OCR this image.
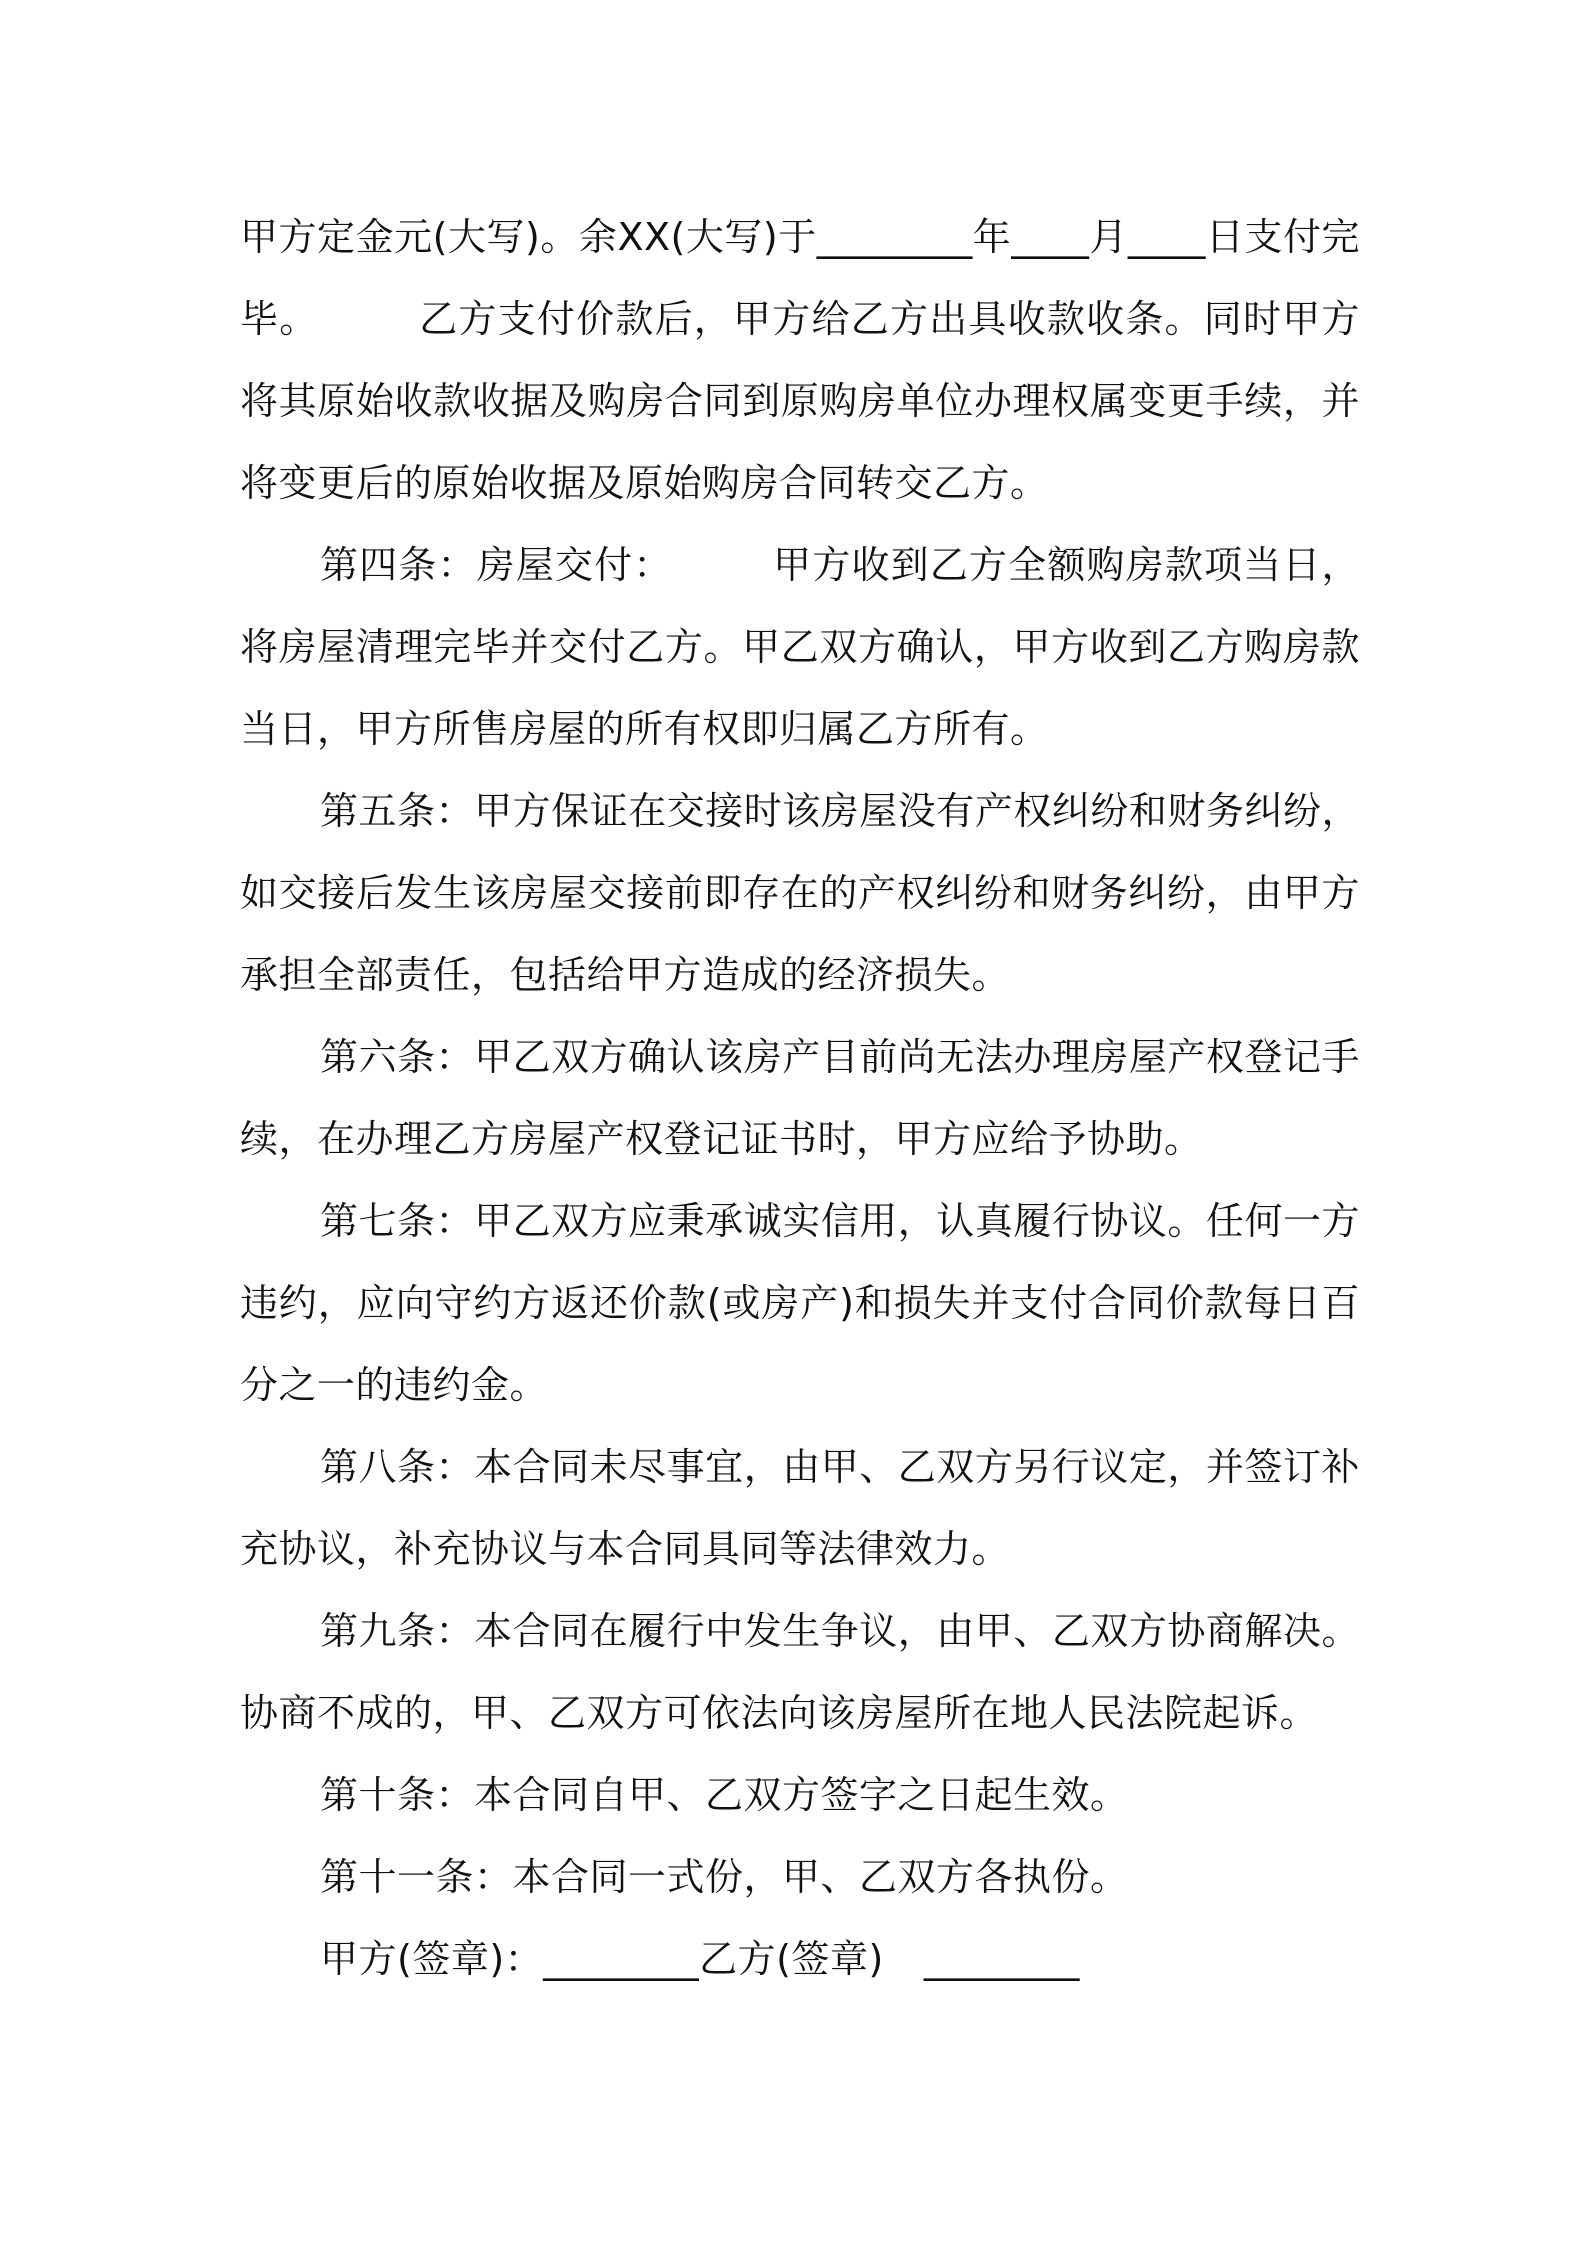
甲方定金元(大写)。余XX(大写)于________年____月____日支付完毕。	乙方支付价款后，甲方给乙方出具收款收条。同时甲方将其原始收款收据及购房合同到原购房单位办理权属变更手续，并将变更后的原始收据及原始购房合同转交乙方。

第四条：房屋交付：	甲方收到乙方全额购房款项当日，将房屋清理完毕并交付乙方。甲乙双方确认，甲方收到乙方购房款当日，甲方所售房屋的所有权即归属乙方所有。

第五条：甲方保证在交接时该房屋没有产权纠纷和财务纠纷，如交接后发生该房屋交接前即存在的产权纠纷和财务纠纷，由甲方承担全部责任，包括给甲方造成的经济损失。

第六条：甲乙双方确认该房产目前尚无法办理房屋产权登记手续，在办理乙方房屋产权登记证书时，甲方应给予协助。

第七条：甲乙双方应秉承诚实信用，认真履行协议。任何一方违约，应向守约方返还价款(或房产)和损失并支付合同价款每日百分之一的违约金。

第八条：本合同未尽事宜，由甲、乙双方另行议定，并签订补充协议，补充协议与本合同具同等法律效力。

第九条：本合同在履行中发生争议，由甲、乙双方协商解决。协商不成的，甲、乙双方可依法向该房屋所在地人民法院起诉。

第十条：本合同自甲、乙双方签字之日起生效。

第十一条：本合同一式份，甲、乙双方各执份。

甲方(签章)：________乙方(签章) ________
